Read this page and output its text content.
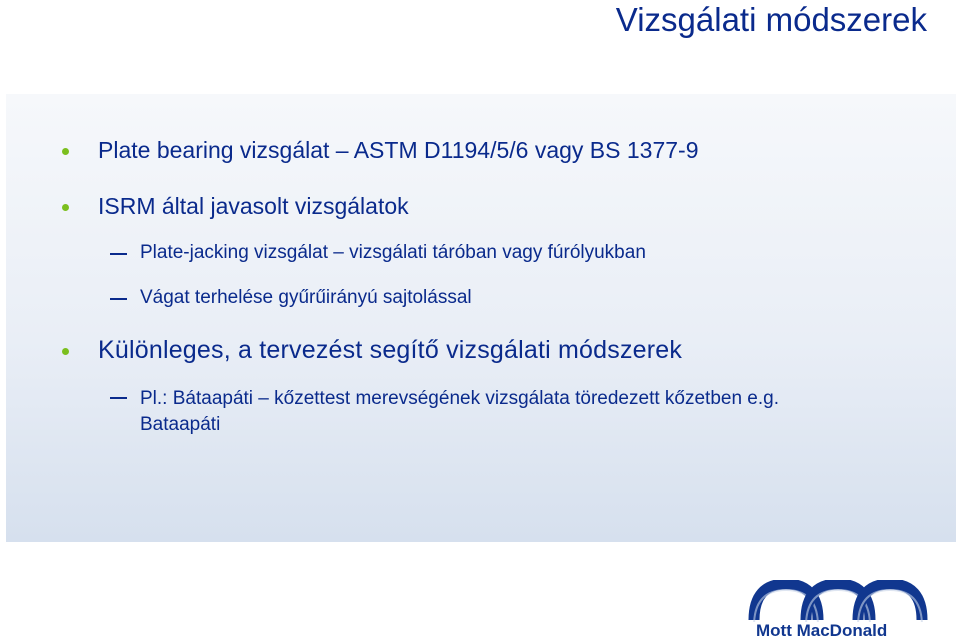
Vizsgálati módszerek
Plate bearing vizsgálat – ASTM D1194/5/6 vagy BS 1377-9
ISRM által javasolt vizsgálatok
Plate-jacking vizsgálat – vizsgálati táróban vagy fúrólyukban
Vágat terhelése gyűrűirányú sajtolással
Különleges, a tervezést segítő vizsgálati módszerek
Pl.: Bátaapáti – kőzettest merevségének vizsgálata töredezett kőzetben e.g. Bataapáti
Mott MacDonald
